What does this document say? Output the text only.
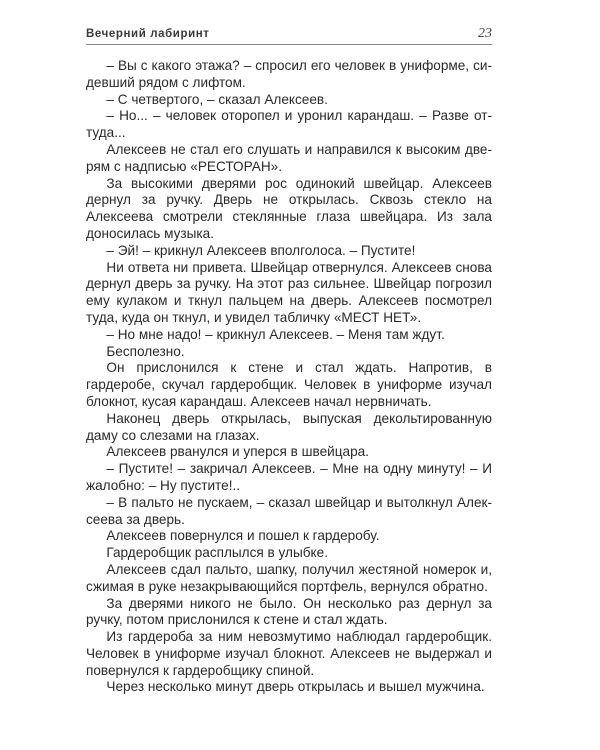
Вечерний лабиринт	23

– Вы с какого этажа? – спросил его человек в униформе, сидевший рядом с лифтом.

– С четвертого, – сказал Алексеев.

– Но... – человек оторопел и уронил карандаш. – Разве оттуда...

Алексеев не стал его слушать и направился к высоким дверям с надписью «РЕСТОРАН».

За высокими дверями рос одинокий швейцар. Алексеев дернул за ручку. Дверь не открылась. Сквозь стекло на Алексеева смотрели стеклянные глаза швейцара. Из зала доносилась музыка.

– Эй! – крикнул Алексеев вполголоса. – Пустите!

Ни ответа ни привета. Швейцар отвернулся. Алексеев снова дернул дверь за ручку. На этот раз сильнее. Швейцар погрозил ему кулаком и ткнул пальцем на дверь. Алексеев посмотрел туда, куда он ткнул, и увидел табличку «МЕСТ НЕТ».

– Но мне надо! – крикнул Алексеев. – Меня там ждут.

Бесполезно.

Он прислонился к стене и стал ждать. Напротив, в гардеробе, скучал гардеробщик. Человек в униформе изучал блокнот, кусая карандаш. Алексеев начал нервничать.

Наконец дверь открылась, выпуская декольтированную даму со слезами на глазах.

Алексеев рванулся и уперся в швейцара.

– Пустите! – закричал Алексеев. – Мне на одну минуту! – И жалобно: – Ну пустите!..

– В пальто не пускаем, – сказал швейцар и вытолкнул Алексеева за дверь.

Алексеев повернулся и пошел к гардеробу.

Гардеробщик расплылся в улыбке.

Алексеев сдал пальто, шапку, получил жестяной номерок и, сжимая в руке незакрывающийся портфель, вернулся обратно.

За дверями никого не было. Он несколько раз дернул за ручку, потом прислонился к стене и стал ждать.

Из гардероба за ним невозмутимо наблюдал гардеробщик. Человек в униформе изучал блокнот. Алексеев не выдержал и повернулся к гардеробщику спиной.

Через несколько минут дверь открылась и вышел мужчина.
